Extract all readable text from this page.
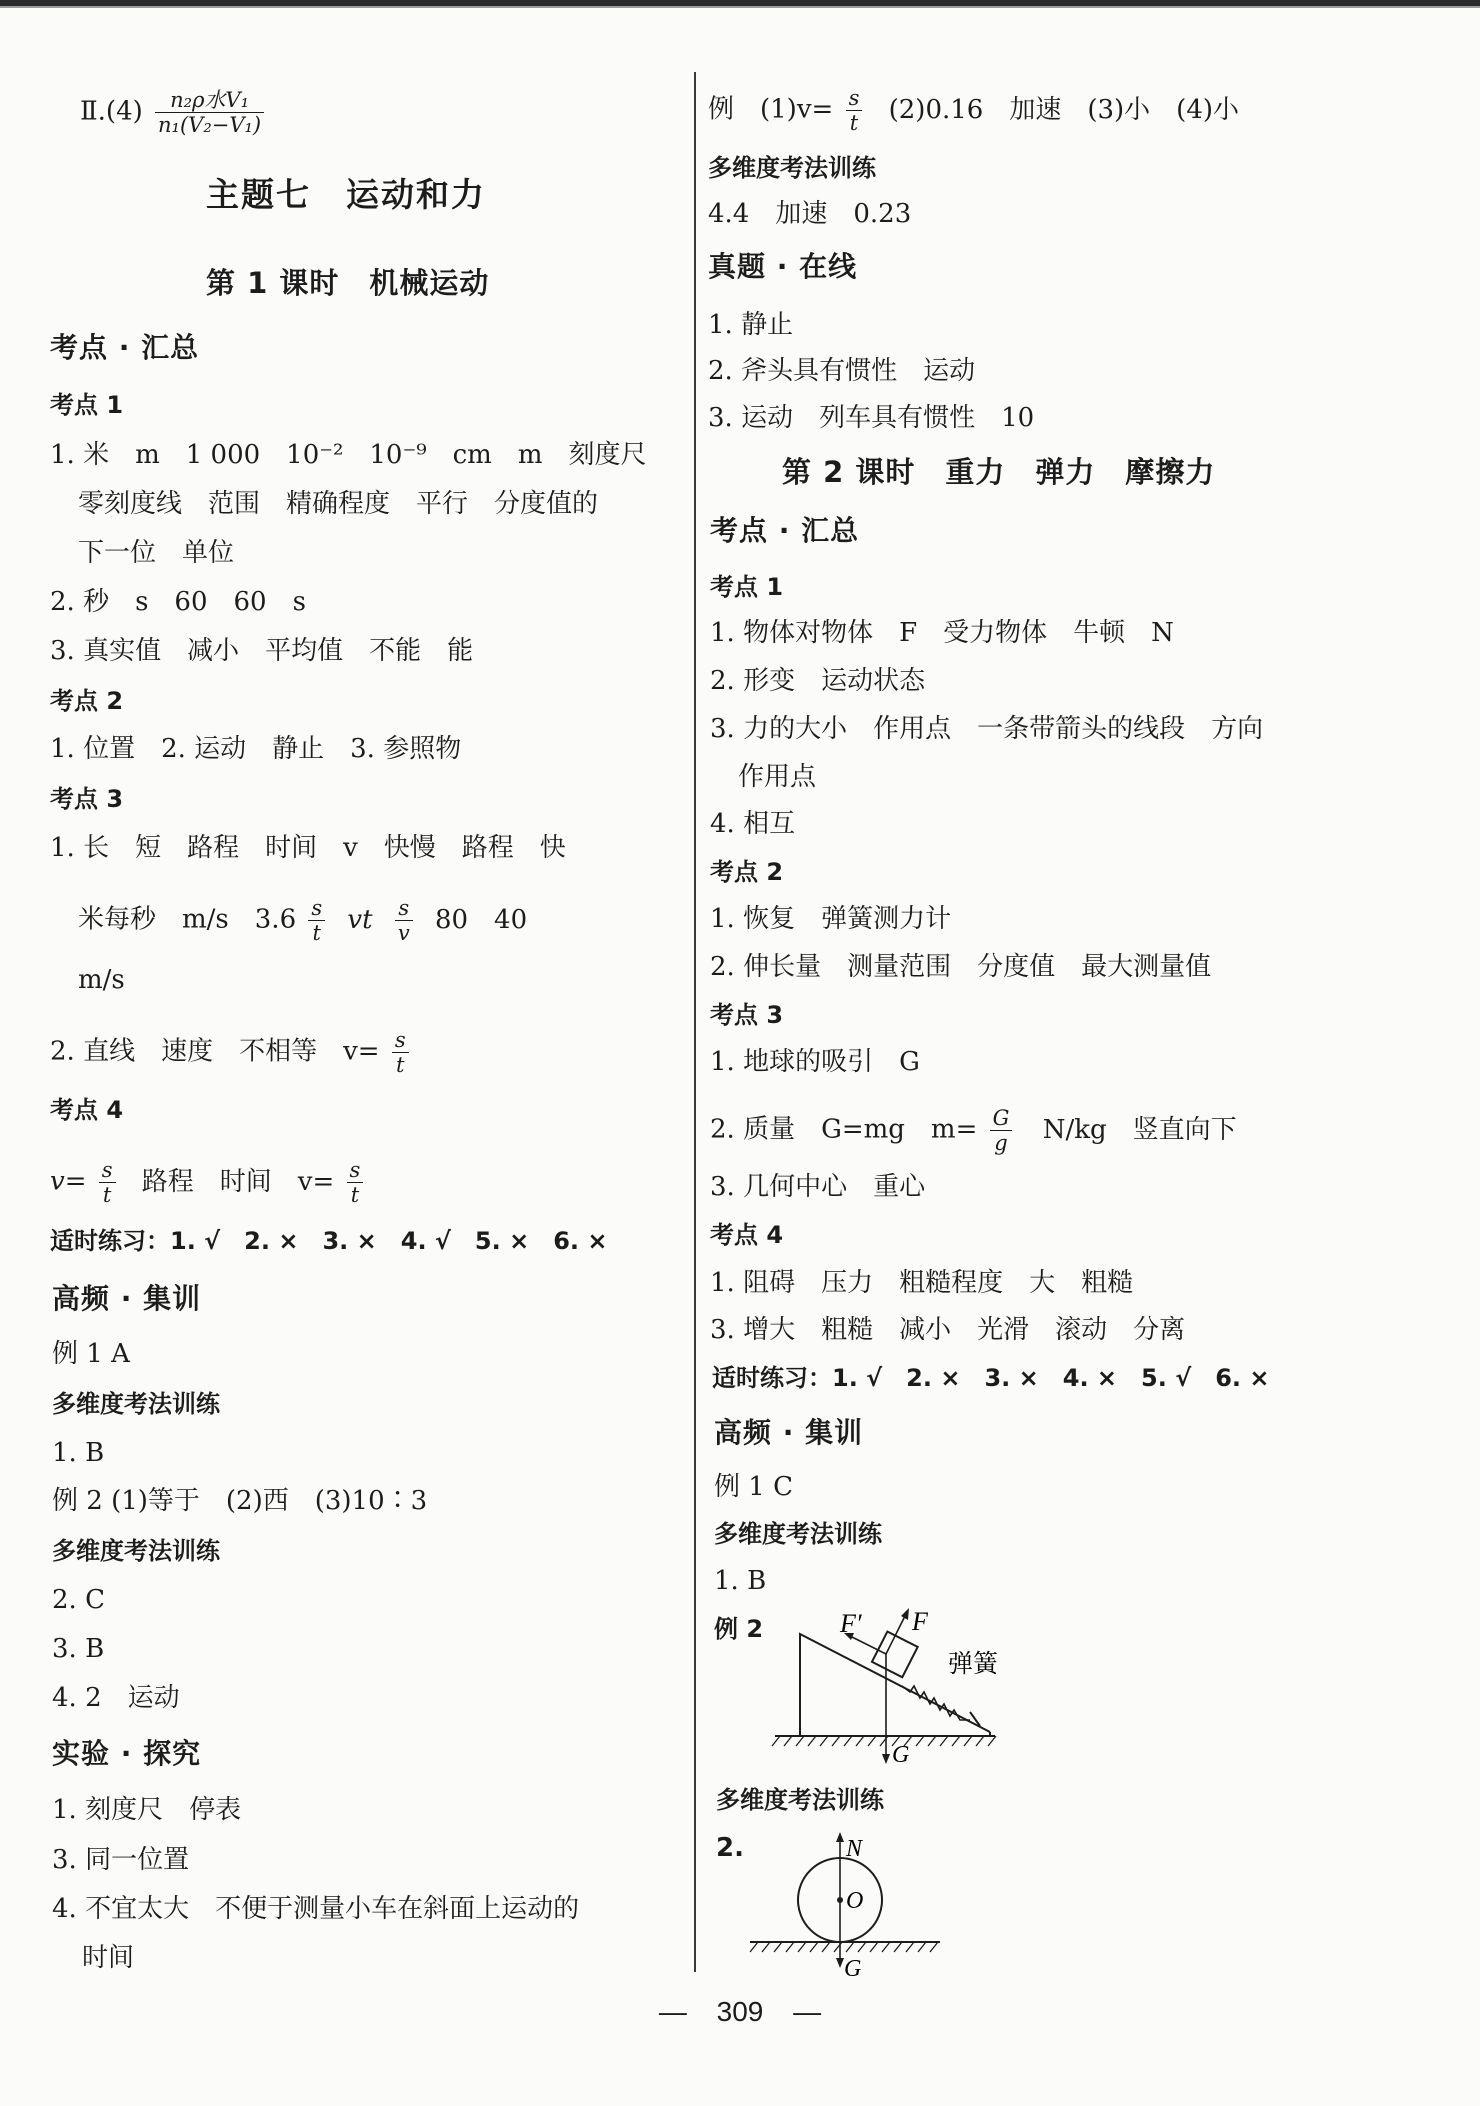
Ⅱ.(4) $\frac{\text{n₂ρ水V₁}}{\text{n₁(V₂−V₁)}}$
主题七　运动和力
第 1 课时　机械运动
考点 · 汇总
考点 1
1. 米　m　1 000　10⁻²　10⁻⁹　cm　m　刻度尺
零刻度线　范围　精确程度　平行　分度值的
下一位　单位
2. 秒　s　60　60　s
3. 真实值　减小　平均值　不能　能
考点 2
1. 位置　2. 运动　静止　3. 参照物
考点 3
1. 长　短　路程　时间　v　快慢　路程　快
米每秒　m/s　$3.6 \frac{s}{t}$ vt $\frac{s}{v} 80$　40
m/s
2. 直线　速度　不相等　$v= \frac{s}{t}$
考点 4
$v= \frac{s}{t}$ 路程　时间　$v= \frac{s}{t}$
适时练习：1. √　2. ×　3. ×　4. √　5. ×　6. ×
高频 · 集训
例 1 A
多维度考法训练
1. B
例 2 (1)等于　(2)西　(3)10∶3
多维度考法训练
2. C
3. B
4. 2　运动
实验 · 探究
1. 刻度尺　停表
3. 同一位置
4. 不宜太大　不便于测量小车在斜面上运动的
时间
例　$(1)v= \frac{s}{t} (2)0.16$　加速　(3)小　(4)小
多维度考法训练
4.4　加速　0.23
真题 · 在线
1. 静止
2. 斧头具有惯性　运动
3. 运动　列车具有惯性　10
第 2 课时　重力　弹力　摩擦力
考点 · 汇总
考点 1
1. 物体对物体　F　受力物体　牛顿　N
2. 形变　运动状态
3. 力的大小　作用点　一条带箭头的线段　方向
作用点
4. 相互
考点 2
1. 恢复　弹簧测力计
2. 伸长量　测量范围　分度值　最大测量值
考点 3
1. 地球的吸引　G
2. 质量　G=mg　$m= \frac{G}{g} N/kg$　竖直向下
3. 几何中心　重心
考点 4
1. 阻碍　压力　粗糙程度　大　粗糙
3. 增大　粗糙　减小　光滑　滚动　分离
适时练习：1. √　2. ×　3. ×　4. ×　5. √　6. ×
高频 · 集训
例 1 C
多维度考法训练
1. B
例 2	F
F′
弹簧
G
多维度考法训练
2.	N
O
G
— 309 —
